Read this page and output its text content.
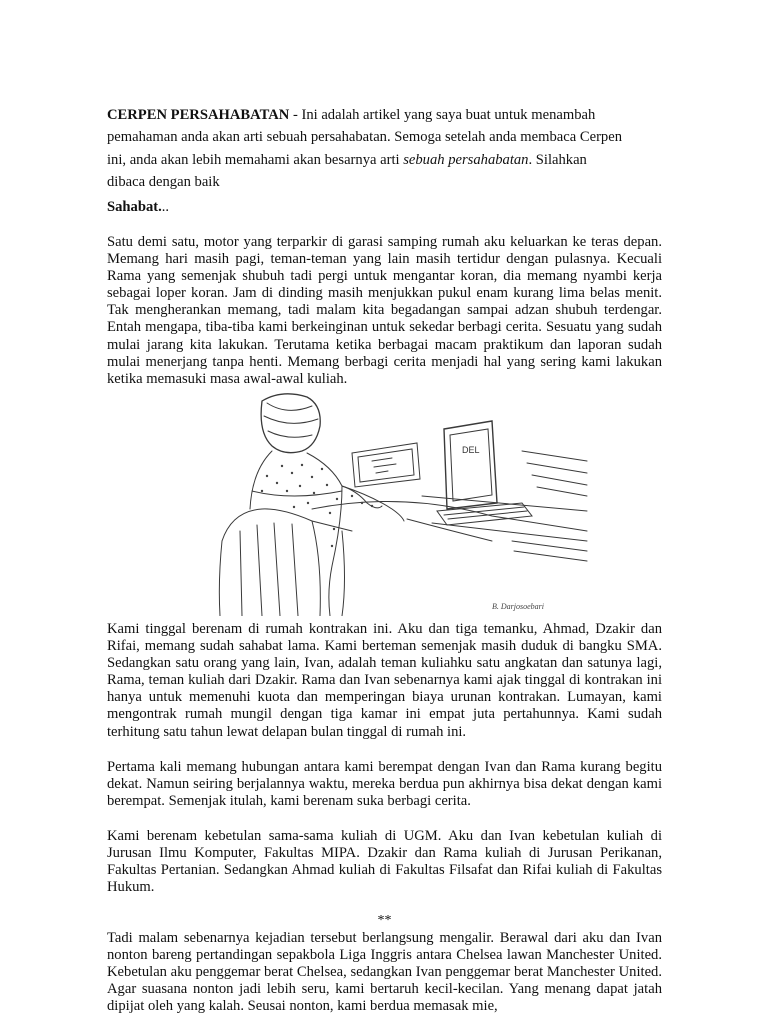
CERPEN PERSAHABATAN - Ini adalah artikel yang saya buat untuk menambah pemahaman anda akan arti sebuah persahabatan. Semoga setelah anda membaca Cerpen ini, anda akan lebih memahami akan besarnya arti sebuah persahabatan. Silahkan dibaca dengan baik

Sahabat...

Satu demi satu, motor yang terparkir di garasi samping rumah aku keluarkan ke teras depan. Memang hari masih pagi, teman-teman yang lain masih tertidur dengan pulasnya. Kecuali Rama yang semenjak shubuh tadi pergi untuk mengantar koran, dia memang nyambi kerja sebagai loper koran. Jam di dinding masih menjukkan pukul enam kurang lima belas menit. Tak mengherankan memang, tadi malam kita begadangan sampai adzan shubuh terdengar. Entah mengapa, tiba-tiba kami berkeinginan untuk sekedar berbagi cerita. Sesuatu yang sudah mulai jarang kita lakukan. Terutama ketika berbagai macam praktikum dan laporan sudah mulai menerjang tanpa henti. Memang berbagi cerita menjadi hal yang sering kami lakukan ketika memasuki masa awal-awal kuliah.

DEL
B. Darjosoebari

Kami tinggal berenam di rumah kontrakan ini. Aku dan tiga temanku, Ahmad, Dzakir dan Rifai, memang sudah sahabat lama. Kami berteman semenjak masih duduk di bangku SMA. Sedangkan satu orang yang lain, Ivan, adalah teman kuliahku satu angkatan dan satunya lagi, Rama, teman kuliah dari Dzakir. Rama dan Ivan sebenarnya kami ajak tinggal di kontrakan ini hanya untuk memenuhi kuota dan memperingan biaya urunan kontrakan. Lumayan, kami mengontrak rumah mungil dengan tiga kamar ini empat juta pertahunnya. Kami sudah terhitung satu tahun lewat delapan bulan tinggal di rumah ini.

Pertama kali memang hubungan antara kami berempat dengan Ivan dan Rama kurang begitu dekat. Namun seiring berjalannya waktu, mereka berdua pun akhirnya bisa dekat dengan kami berempat. Semenjak itulah, kami berenam suka berbagi cerita.

Kami berenam kebetulan sama-sama kuliah di UGM. Aku dan Ivan kebetulan kuliah di Jurusan Ilmu Komputer, Fakultas MIPA. Dzakir dan Rama kuliah di Jurusan Perikanan, Fakultas Pertanian. Sedangkan Ahmad kuliah di Fakultas Filsafat dan Rifai kuliah di Fakultas Hukum.

**

Tadi malam sebenarnya kejadian tersebut berlangsung mengalir. Berawal dari aku dan Ivan nonton bareng pertandingan sepakbola Liga Inggris antara Chelsea lawan Manchester United. Kebetulan aku penggemar berat Chelsea, sedangkan Ivan penggemar berat Manchester United. Agar suasana nonton jadi lebih seru, kami bertaruh kecil-kecilan. Yang menang dapat jatah dipijat oleh yang kalah. Seusai nonton, kami berdua memasak mie,
